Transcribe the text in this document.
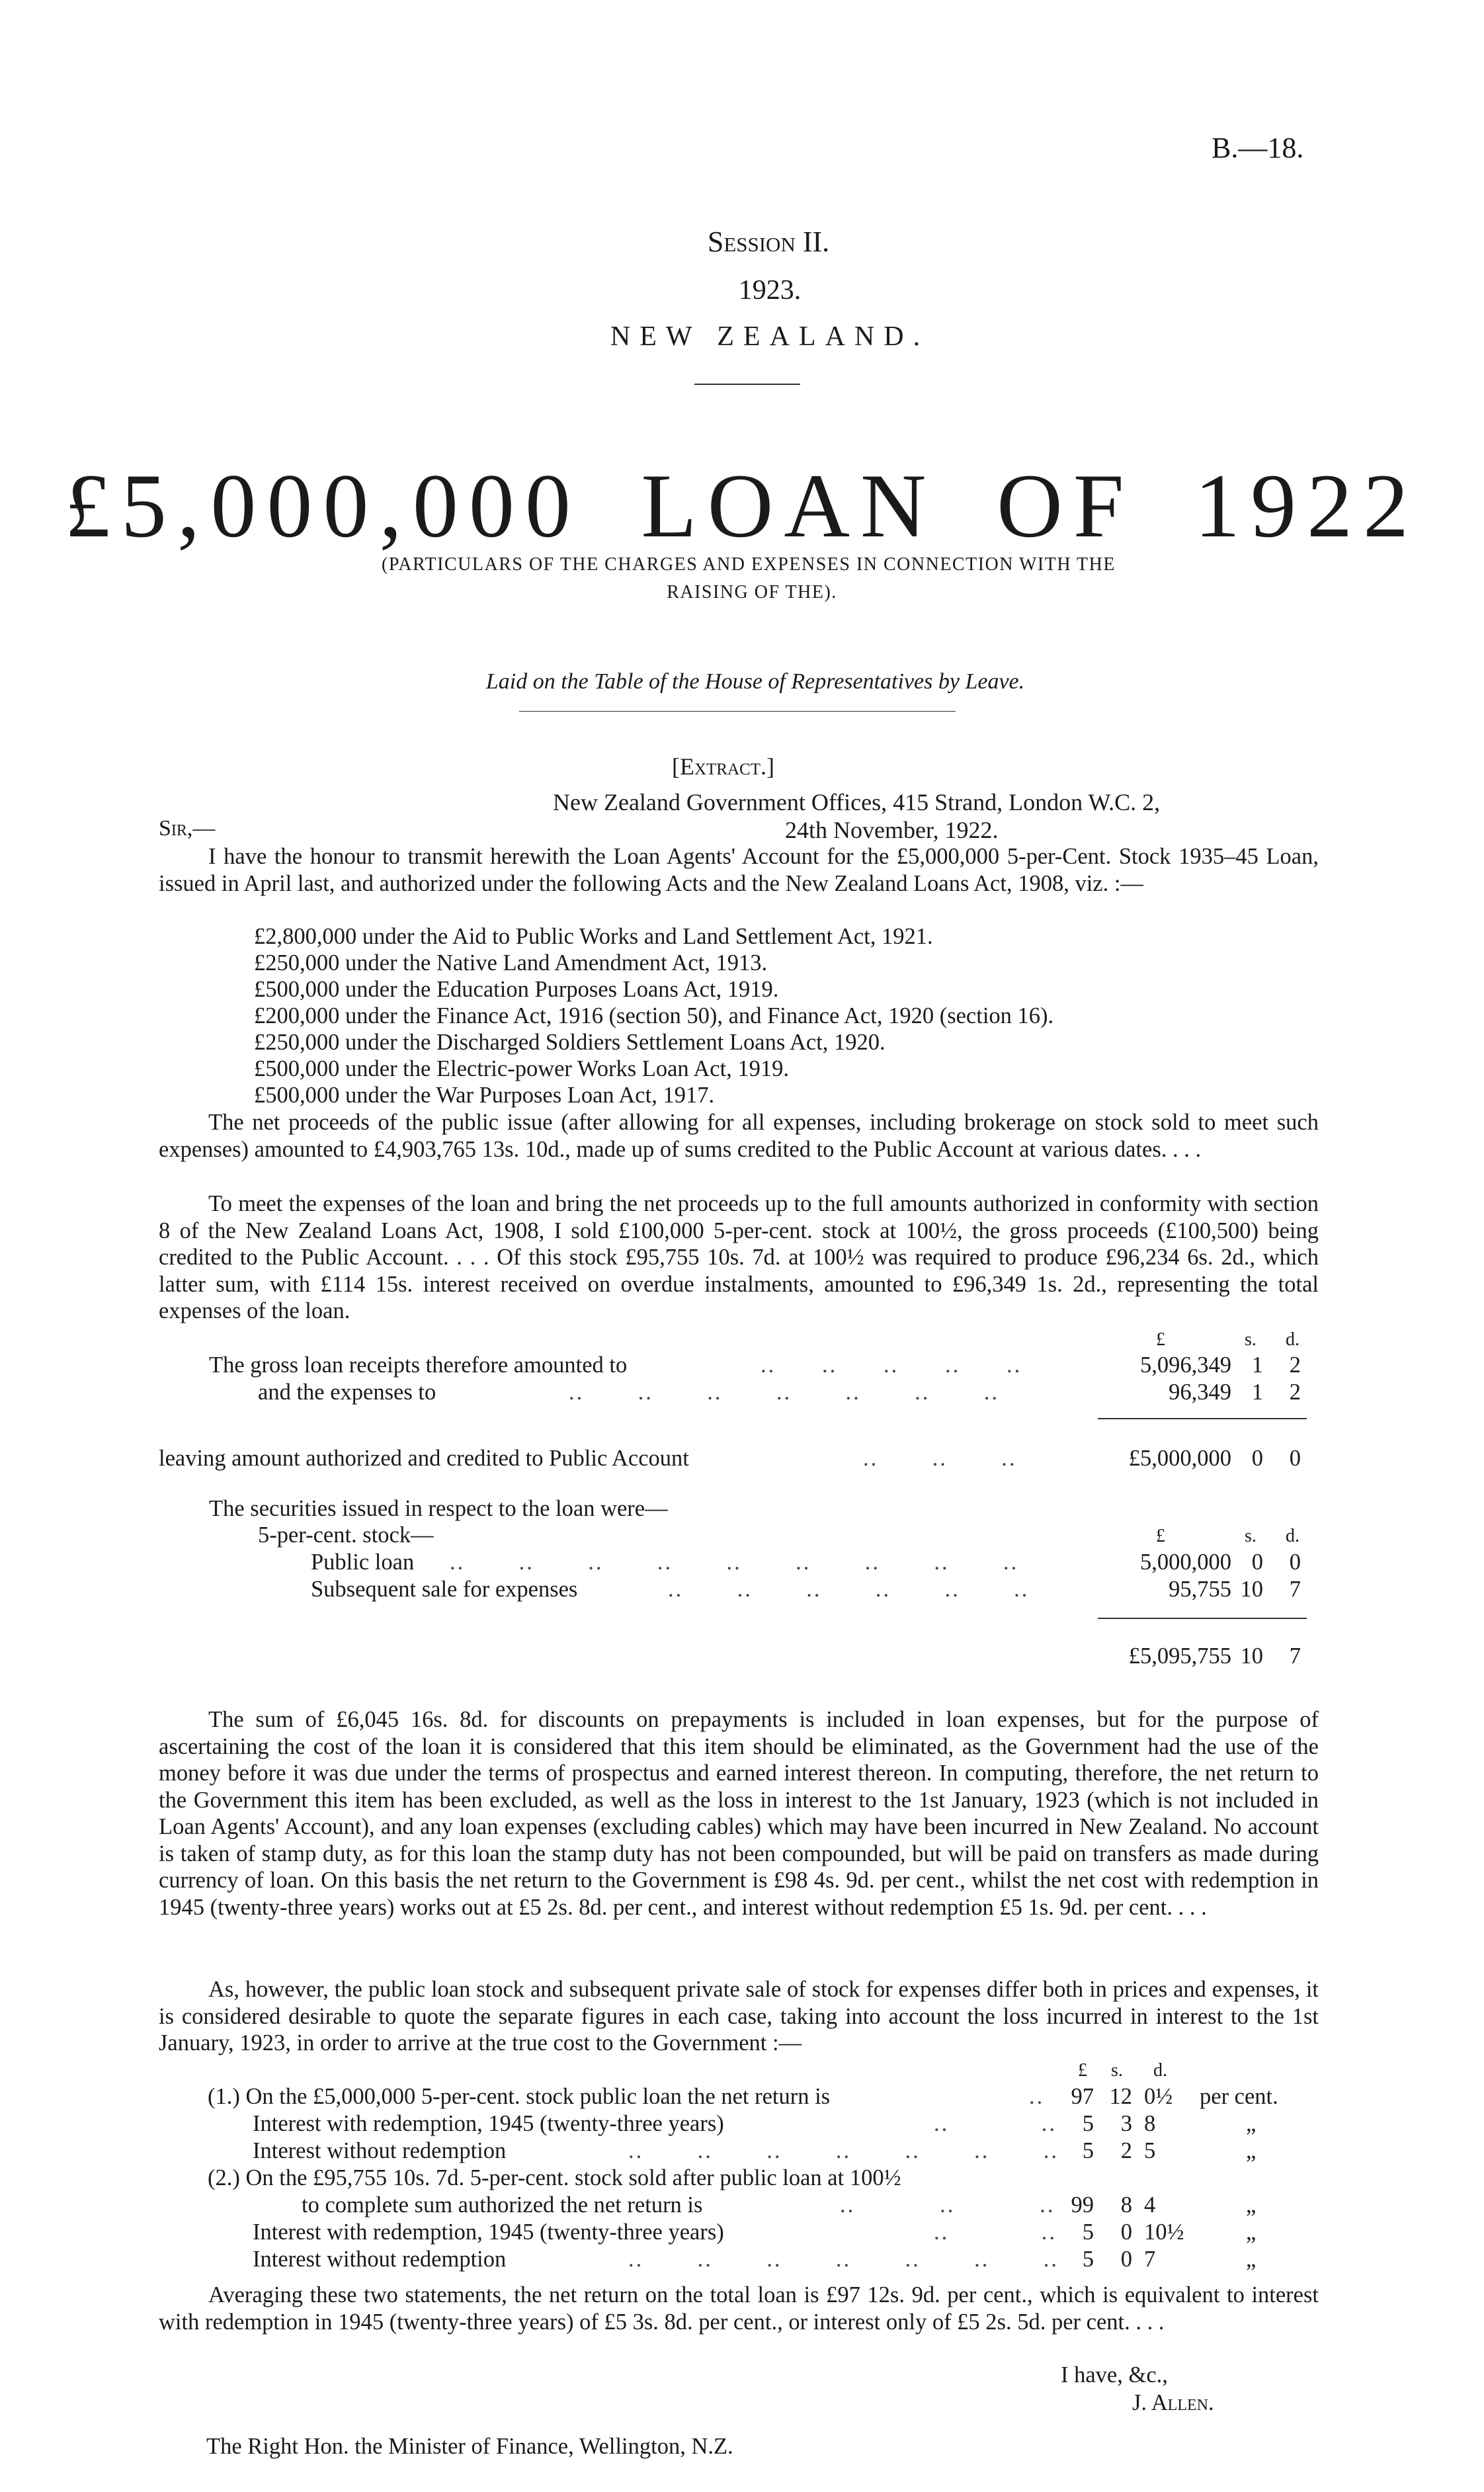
B.—18.
Session II.
1923.
NEW ZEALAND.
£5,000,000 LOAN OF 1922
(PARTICULARS OF THE CHARGES AND EXPENSES IN CONNECTION WITH THE
RAISING OF THE).
Laid on the Table of the House of Representatives by Leave.
[Extract.]
New Zealand Government Offices, 415 Strand, London W.C. 2,
Sir,—	24th November, 1922.
I have the honour to transmit herewith the Loan Agents' Account for the £5,000,000 5-per-Cent. Stock 1935–45 Loan, issued in April last, and authorized under the following Acts and the New Zealand Loans Act, 1908, viz. :—
£2,800,000 under the Aid to Public Works and Land Settlement Act, 1921.
£250,000 under the Native Land Amendment Act, 1913.
£500,000 under the Education Purposes Loans Act, 1919.
£200,000 under the Finance Act, 1916 (section 50), and Finance Act, 1920 (section 16).
£250,000 under the Discharged Soldiers Settlement Loans Act, 1920.
£500,000 under the Electric-power Works Loan Act, 1919.
£500,000 under the War Purposes Loan Act, 1917.
The net proceeds of the public issue (after allowing for all expenses, including brokerage on stock sold to meet such expenses) amounted to £4,903,765 13s. 10d., made up of sums credited to the Public Account at various dates. . . .
To meet the expenses of the loan and bring the net proceeds up to the full amounts authorized in conformity with section 8 of the New Zealand Loans Act, 1908, I sold £100,000 5-per-cent. stock at 100½, the gross proceeds (£100,500) being credited to the Public Account. . . . Of this stock £95,755 10s. 7d. at 100½ was required to produce £96,234 6s. 2d., which latter sum, with £114 15s. interest received on overdue instalments, amounted to £96,349 1s. 2d., representing the total expenses of the loan.
£	s. d.
The gross loan receipts therefore amounted to	..      ..      ..      ..      ..	5,096,349 1	2
and the expenses to	..       ..       ..       ..       ..       ..       ..	96,349 1	2
leaving amount authorized and credited to Public Account	..       ..       ..	£5,000,000 0	0
The securities issued in respect to the loan were—
5-per-cent. stock—	£	s. d.
Public loan ..       ..       ..       ..       ..       ..       ..       ..       ..	5,000,000 0	0
Subsequent sale for expenses	..       ..       ..       ..       ..       ..	95,755 10	7
£5,095,755 10	7
The sum of £6,045 16s. 8d. for discounts on prepayments is included in loan expenses, but for the purpose of ascertaining the cost of the loan it is considered that this item should be eliminated, as the Government had the use of the money before it was due under the terms of prospectus and earned interest thereon. In computing, therefore, the net return to the Government this item has been excluded, as well as the loss in interest to the 1st January, 1923 (which is not included in Loan Agents' Account), and any loan expenses (excluding cables) which may have been incurred in New Zealand. No account is taken of stamp duty, as for this loan the stamp duty has not been compounded, but will be paid on transfers as made during currency of loan. On this basis the net return to the Government is £98 4s. 9d. per cent., whilst the net cost with redemption in 1945 (twenty-three years) works out at £5 2s. 8d. per cent., and interest without redemption £5 1s. 9d. per cent. . . .
As, however, the public loan stock and subsequent private sale of stock for expenses differ both in prices and expenses, it is considered desirable to quote the separate figures in each case, taking into account the loss incurred in interest to the 1st January, 1923, in order to arrive at the true cost to the Government :—
£ s. d.
(1.) On the £5,000,000 5-per-cent. stock public loan the net return is	..	97 12 0½ per cent.
Interest with redemption, 1945 (twenty-three years)	..            ..	5	3 8	„
Interest without redemption	..       ..       ..       ..       ..       ..       ..	5	2 5	„
(2.) On the £95,755 10s. 7d. 5-per-cent. stock sold after public loan at 100½
to complete sum authorized the net return is	..           ..           .. 99	8 4	„
Interest with redemption, 1945 (twenty-three years)	..            ..	5	0 10½	„
Interest without redemption	..       ..       ..       ..       ..       ..       ..	5	0 7	„
Averaging these two statements, the net return on the total loan is £97 12s. 9d. per cent., which is equivalent to interest with redemption in 1945 (twenty-three years) of £5 3s. 8d. per cent., or interest only of £5 2s. 5d. per cent. . . .
I have, &c.,
J. Allen.
The Right Hon. the Minister of Finance, Wellington, N.Z.
